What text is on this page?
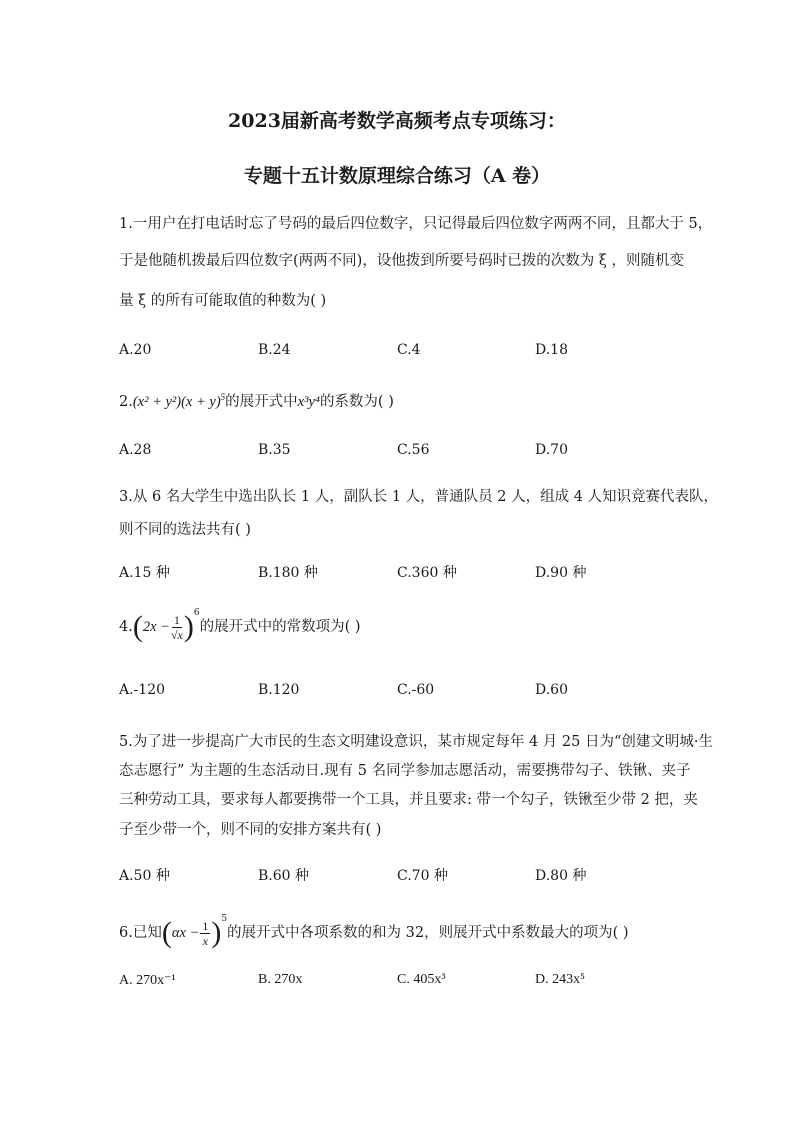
2023届新高考数学高频考点专项练习：
专题十五计数原理综合练习（A 卷）
1.一用户在打电话时忘了号码的最后四位数字，只记得最后四位数字两两不同，且都大于 5，
于是他随机拨最后四位数字(两两不同)，设他拨到所要号码时已拨的次数为 ξ ，则随机变
量 ξ 的所有可能取值的种数为( )
A.20	B.24	C.4	D.18
$2.(x^2 + y^2)(x + y)^5$的展开式中x³y⁴的系数为( )
A.28	B.35	C.56	D.70
3.从 6 名大学生中选出队长 1 人，副队长 1 人，普通队员 2 人，组成 4 人知识竞赛代表队，
则不同的选法共有( )
A.15 种	B.180 种	C.360 种	D.90 种
$4.(2x - \frac{1}{√x} )^6$的展开式中的常数项为( )
A.-120	B.120	C.-60	D.60
5.为了进一步提高广大市民的生态文明建设意识，某市规定每年 4 月 25 日为“创建文明城·生
态志愿行” 为主题的生态活动日.现有 5 名同学参加志愿活动，需要携带勾子、铁锹、夹子
三种劳动工具，要求每人都要携带一个工具，并且要求: 带一个勾子，铁锹至少带 2 把，夹
子至少带一个，则不同的安排方案共有( )
A.50 种	B.60 种	C.70 种	D.80 种
6.已知$(\alpha x - \frac{1}{x} )^5$的展开式中各项系数的和为 32，则展开式中系数最大的项为( )
A. 270x⁻¹	B. 270x	C. 405x³	D. 243x⁵
